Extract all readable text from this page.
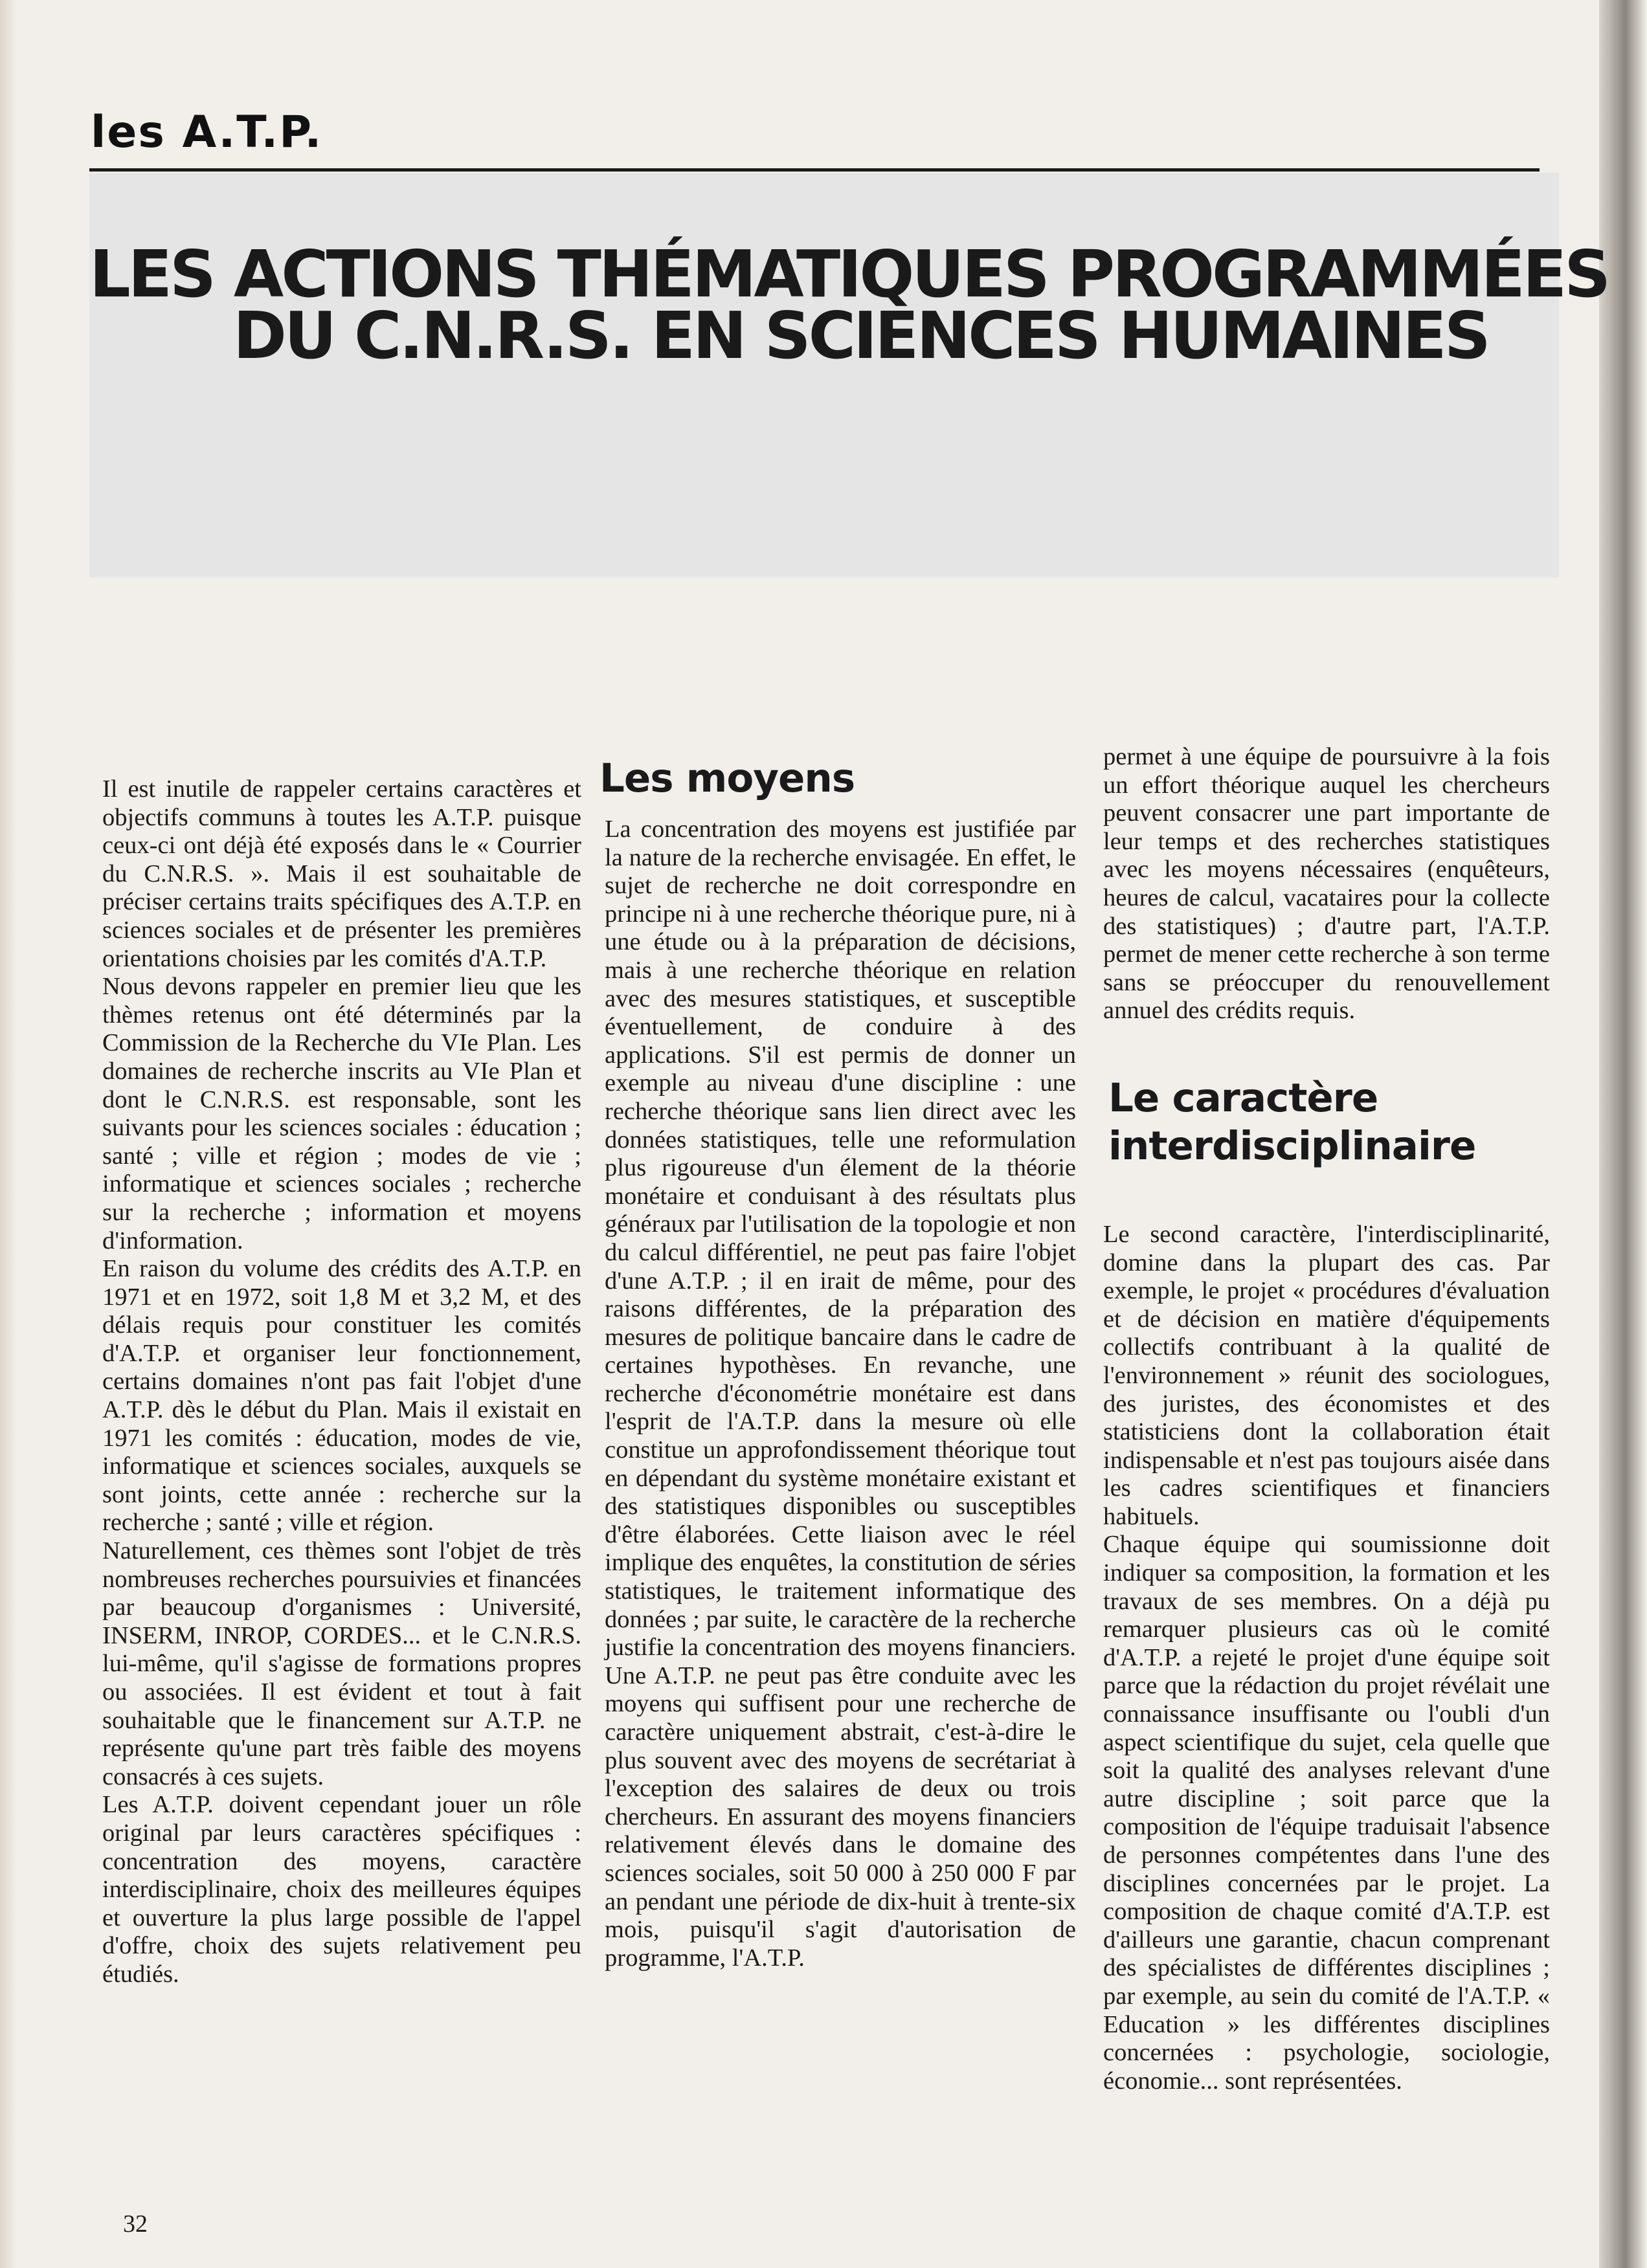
les A.T.P.
LES ACTIONS THÉMATIQUES PROGRAMMÉES
DU C.N.R.S. EN SCIENCES HUMAINES

Il est inutile de rappeler certains caractères et objectifs communs à toutes les A.T.P. puisque ceux-ci ont déjà été exposés dans le « Courrier du C.N.R.S. ». Mais il est souhaitable de préciser certains traits spécifiques des A.T.P. en sciences sociales et de présenter les premières orientations choisies par les comités d'A.T.P.

Nous devons rappeler en premier lieu que les thèmes retenus ont été déterminés par la Commission de la Recherche du VIe Plan. Les domaines de recherche inscrits au VIe Plan et dont le C.N.R.S. est responsable, sont les suivants pour les sciences sociales : éducation ; santé ; ville et région ; modes de vie ; informatique et sciences sociales ; recherche sur la recherche ; information et moyens d'information.

En raison du volume des crédits des A.T.P. en 1971 et en 1972, soit 1,8 M et 3,2 M, et des délais requis pour constituer les comités d'A.T.P. et organiser leur fonctionnement, certains domaines n'ont pas fait l'objet d'une A.T.P. dès le début du Plan. Mais il existait en 1971 les comités : éducation, modes de vie, informatique et sciences sociales, auxquels se sont joints, cette année : recherche sur la recherche ; santé ; ville et région.

Naturellement, ces thèmes sont l'objet de très nombreuses recherches poursuivies et financées par beaucoup d'organismes : Université, INSERM, INROP, CORDES... et le C.N.R.S. lui-même, qu'il s'agisse de formations propres ou associées. Il est évident et tout à fait souhaitable que le financement sur A.T.P. ne représente qu'une part très faible des moyens consacrés à ces sujets.

Les A.T.P. doivent cependant jouer un rôle original par leurs caractères spécifiques : concentration des moyens, caractère interdisciplinaire, choix des meilleures équipes et ouverture la plus large possible de l'appel d'offre, choix des sujets relativement peu étudiés.

Les moyens

La concentration des moyens est justifiée par la nature de la recherche envisagée. En effet, le sujet de recherche ne doit correspondre en principe ni à une recherche théorique pure, ni à une étude ou à la préparation de décisions, mais à une recherche théorique en relation avec des mesures statistiques, et susceptible éventuellement, de conduire à des applications. S'il est permis de donner un exemple au niveau d'une discipline : une recherche théorique sans lien direct avec les données statistiques, telle une reformulation plus rigoureuse d'un élement de la théorie monétaire et conduisant à des résultats plus généraux par l'utilisation de la topologie et non du calcul différentiel, ne peut pas faire l'objet d'une A.T.P. ; il en irait de même, pour des raisons différentes, de la préparation des mesures de politique bancaire dans le cadre de certaines hypothèses. En revanche, une recherche d'économétrie monétaire est dans l'esprit de l'A.T.P. dans la mesure où elle constitue un approfondissement théorique tout en dépendant du système monétaire existant et des statistiques disponibles ou susceptibles d'être élaborées. Cette liaison avec le réel implique des enquêtes, la constitution de séries statistiques, le traitement informatique des données ; par suite, le caractère de la recherche justifie la concentration des moyens financiers. Une A.T.P. ne peut pas être conduite avec les moyens qui suffisent pour une recherche de caractère uniquement abstrait, c'est-à-dire le plus souvent avec des moyens de secrétariat à l'exception des salaires de deux ou trois chercheurs. En assurant des moyens financiers relativement élevés dans le domaine des sciences sociales, soit 50 000 à 250 000 F par an pendant une période de dix-huit à trente-six mois, puisqu'il s'agit d'autorisation de programme, l'A.T.P.

permet à une équipe de poursuivre à la fois un effort théorique auquel les chercheurs peuvent consacrer une part importante de leur temps et des recherches statistiques avec les moyens nécessaires (enquêteurs, heures de calcul, vacataires pour la collecte des statistiques) ; d'autre part, l'A.T.P. permet de mener cette recherche à son terme sans se préoccuper du renouvellement annuel des crédits requis.

Le caractère interdisciplinaire

Le second caractère, l'interdisciplinarité, domine dans la plupart des cas. Par exemple, le projet « procédures d'évaluation et de décision en matière d'équipements collectifs contribuant à la qualité de l'environnement » réunit des sociologues, des juristes, des économistes et des statisticiens dont la collaboration était indispensable et n'est pas toujours aisée dans les cadres scientifiques et financiers habituels.

Chaque équipe qui soumissionne doit indiquer sa composition, la formation et les travaux de ses membres. On a déjà pu remarquer plusieurs cas où le comité d'A.T.P. a rejeté le projet d'une équipe soit parce que la rédaction du projet révélait une connaissance insuffisante ou l'oubli d'un aspect scientifique du sujet, cela quelle que soit la qualité des analyses relevant d'une autre discipline ; soit parce que la composition de l'équipe traduisait l'absence de personnes compétentes dans l'une des disciplines concernées par le projet. La composition de chaque comité d'A.T.P. est d'ailleurs une garantie, chacun comprenant des spécialistes de différentes disciplines ; par exemple, au sein du comité de l'A.T.P. « Education » les différentes disciplines concernées : psychologie, sociologie, économie... sont représentées.

32
